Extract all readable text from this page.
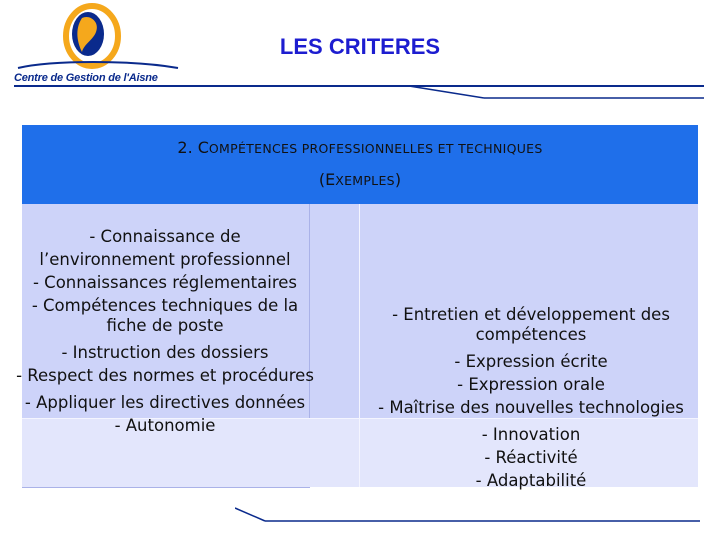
Centre de Gestion de l'Aisne
LES CRITERES
2. COMPÉTENCES PROFESSIONNELLES ET TECHNIQUES
(EXEMPLES)
- Connaissance de
l’environnement professionnel
- Connaissances réglementaires
- Compétences techniques de la fiche de poste
- Instruction des dossiers
- Respect des normes et procédures
- Appliquer les directives données
- Autonomie
- Entretien et développement des compétences
- Expression écrite
- Expression orale
- Maîtrise des nouvelles technologies
- Innovation
- Réactivité
- Adaptabilité
